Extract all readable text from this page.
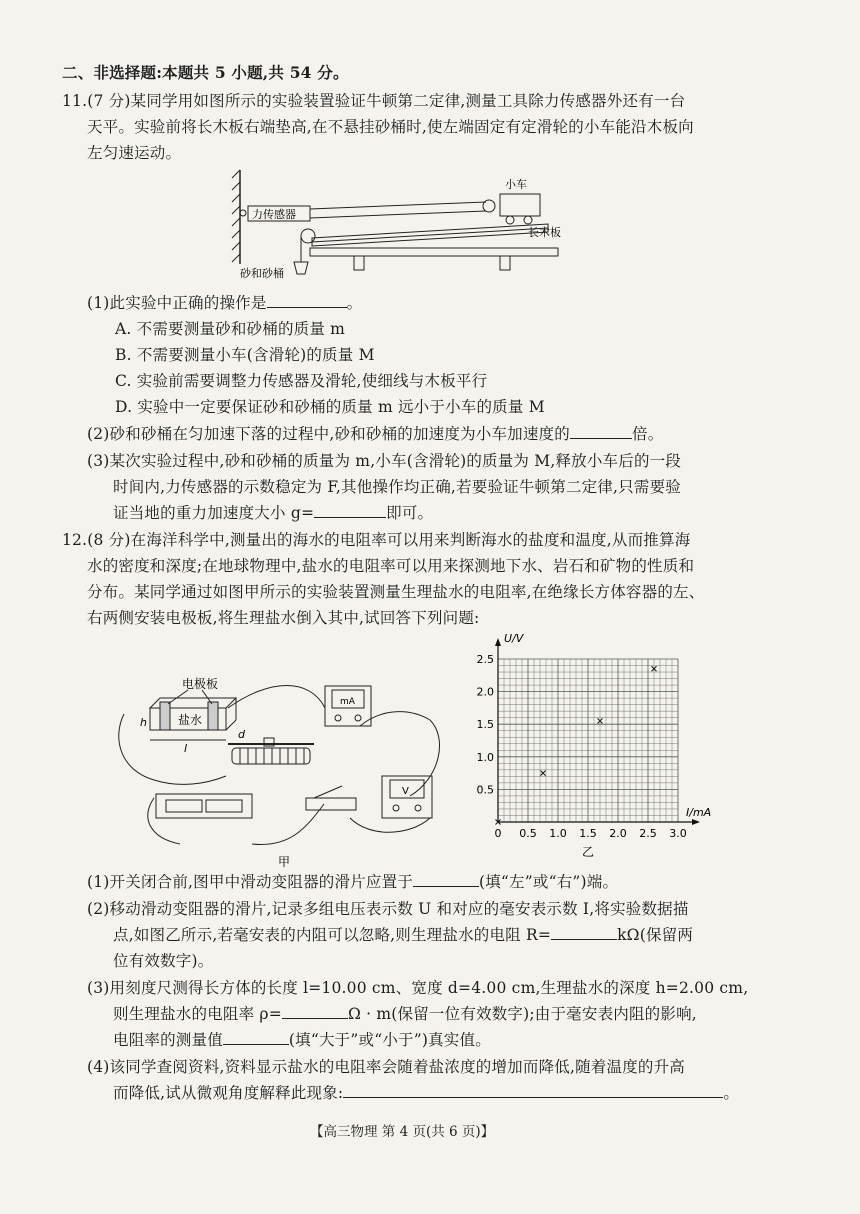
二、非选择题:本题共 5 小题,共 54 分。
11.(7 分)某同学用如图所示的实验装置验证牛顿第二定律,测量工具除力传感器外还有一台
天平。实验前将长木板右端垫高,在不悬挂砂桶时,使左端固定有定滑轮的小车能沿木板向
左匀速运动。
力传感器
小车
长木板
砂和砂桶
(1)此实验中正确的操作是	。
A. 不需要测量砂和砂桶的质量 m
B. 不需要测量小车(含滑轮)的质量 M
C. 实验前需要调整力传感器及滑轮,使细线与木板平行
D. 实验中一定要保证砂和砂桶的质量 m 远小于小车的质量 M
(2)砂和砂桶在匀加速下落的过程中,砂和砂桶的加速度为小车加速度的	倍。
(3)某次实验过程中,砂和砂桶的质量为 m,小车(含滑轮)的质量为 M,释放小车后的一段
时间内,力传感器的示数稳定为 F,其他操作均正确,若要验证牛顿第二定律,只需要验
证当地的重力加速度大小 g=	即可。
12.(8 分)在海洋科学中,测量出的海水的电阻率可以用来判断海水的盐度和温度,从而推算海
水的密度和深度;在地球物理中,盐水的电阻率可以用来探测地下水、岩石和矿物的性质和
分布。某同学通过如图甲所示的实验装置测量生理盐水的电阻率,在绝缘长方体容器的左、
右两侧安装电极板,将生理盐水倒入其中,试回答下列问题:
盐水
电极板
h
l
d
mA
V
甲
0 0.5 1.0 1.5 2.0 2.5 3.0
0.5
1.0
1.5
2.0
2.5
I/mA
U/V
乙
(1)开关闭合前,图甲中滑动变阻器的滑片应置于	(填“左”或“右”)端。
(2)移动滑动变阻器的滑片,记录多组电压表示数 U 和对应的毫安表示数 I,将实验数据描
点,如图乙所示,若毫安表的内阻可以忽略,则生理盐水的电阻 R=	kΩ(保留两
位有效数字)。
(3)用刻度尺测得长方体的长度 l=10.00 cm、宽度 d=4.00 cm,生理盐水的深度 h=2.00 cm,
则生理盐水的电阻率 ρ=	Ω · m(保留一位有效数字);由于毫安表内阻的影响,
电阻率的测量值	(填“大于”或“小于”)真实值。
(4)该同学查阅资料,资料显示盐水的电阻率会随着盐浓度的增加而降低,随着温度的升高
而降低,试从微观角度解释此现象:	。
【高三物理 第 4 页(共 6 页)】
